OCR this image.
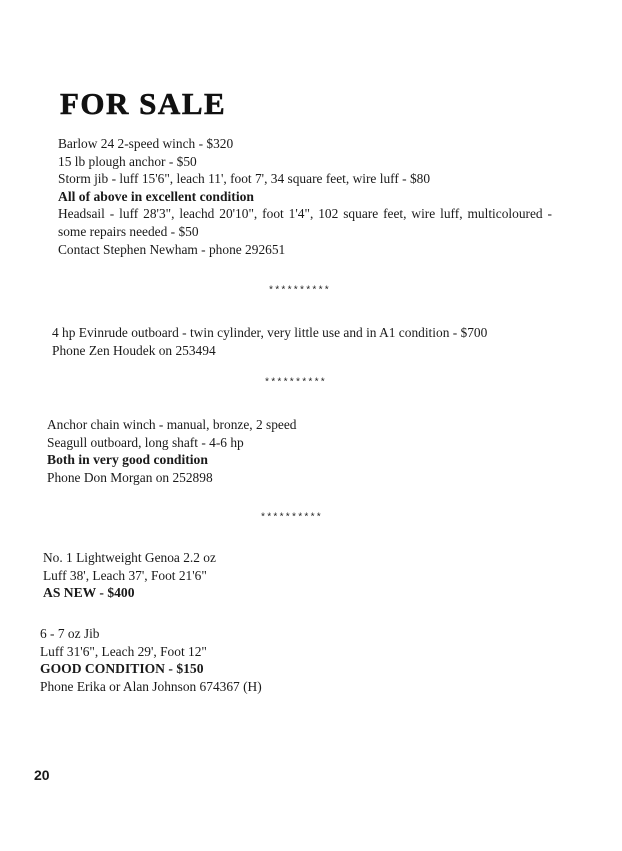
FOR SALE
Barlow 24 2-speed winch - $320
15 lb plough anchor - $50
Storm jib - luff 15'6", leach 11', foot 7', 34 square feet, wire luff - $80
All of above in excellent condition
Headsail - luff 28'3", leachd 20'10", foot 1'4", 102 square feet, wire luff, multicoloured - some repairs needed - $50
Contact Stephen Newham - phone 292651
**********
4 hp Evinrude outboard - twin cylinder, very little use and in A1 condition - $700
Phone Zen Houdek on 253494
**********
Anchor chain winch - manual, bronze, 2 speed
Seagull outboard, long shaft - 4-6 hp
Both in very good condition
Phone Don Morgan on 252898
**********
No. 1 Lightweight Genoa 2.2 oz
Luff 38', Leach 37', Foot 21'6"
AS NEW - $400
6 - 7 oz Jib
Luff 31'6", Leach 29', Foot 12"
GOOD CONDITION - $150
Phone Erika or Alan Johnson 674367 (H)
20
